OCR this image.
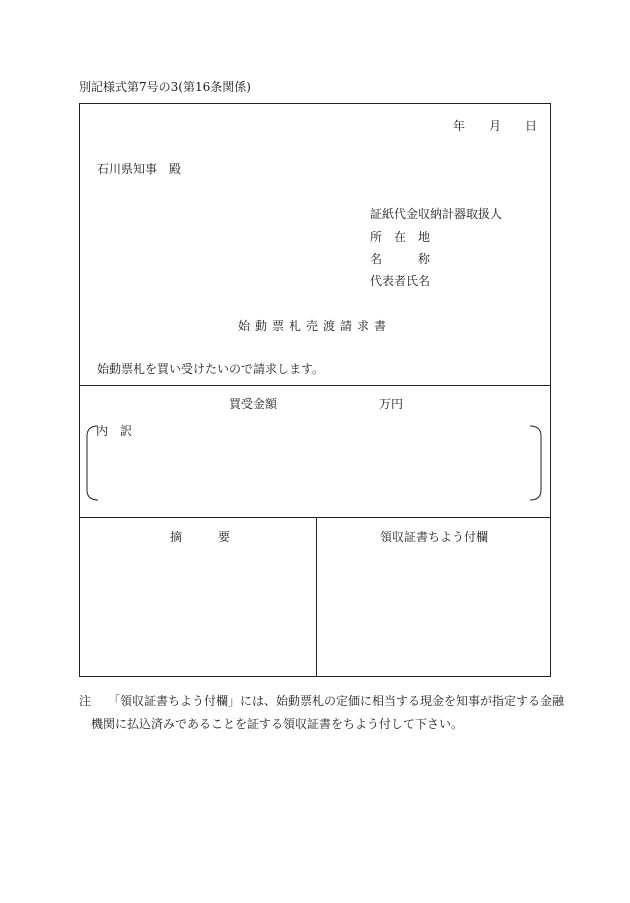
別記様式第7号の3(第16条関係)
年 月 日
石川県知事　殿
証紙代金収納計器取扱人
所　在　地
名　　　称
代表者氏名
始動票札売渡請求書
始動票札を買い受けたいので請求します。
買受金額	万円
内　訳
摘　　　要	領収証書ちよう付欄
注 「領収証書ちよう付欄」には、始動票札の定価に相当する現金を知事が指定する金融
機関に払込済みであることを証する領収証書をちよう付して下さい。
